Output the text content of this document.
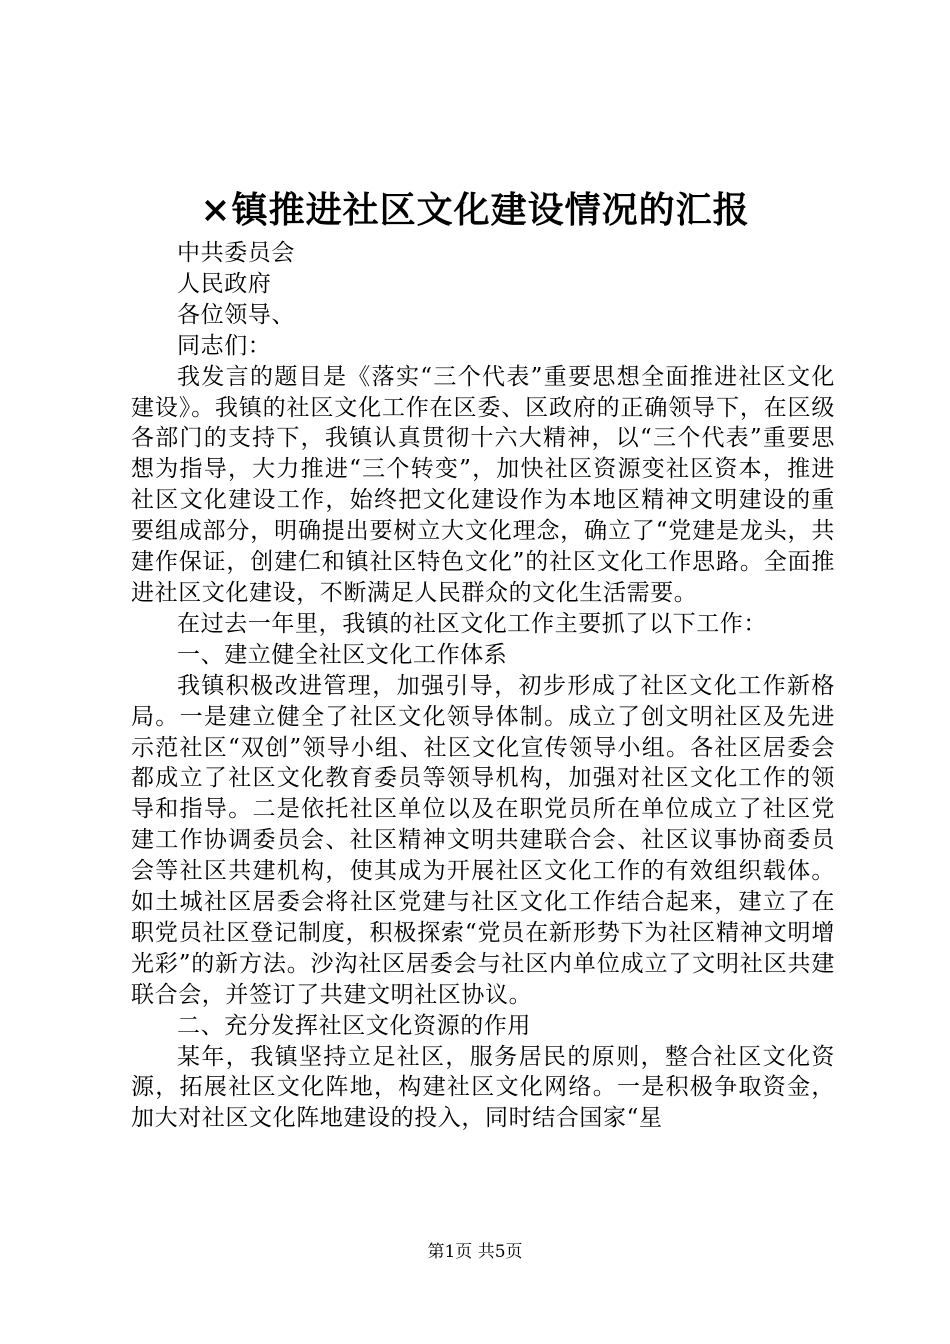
×镇推进社区文化建设情况的汇报

中共委员会

人民政府

各位领导、

同志们：

我发言的题目是《落实“三个代表”重要思想全面推进社区文化建设》。我镇的社区文化工作在区委、区政府的正确领导下，在区级各部门的支持下，我镇认真贯彻十六大精神，以“三个代表”重要思想为指导，大力推进“三个转变”，加快社区资源变社区资本，推进社区文化建设工作，始终把文化建设作为本地区精神文明建设的重要组成部分，明确提出要树立大文化理念，确立了“党建是龙头，共建作保证，创建仁和镇社区特色文化”的社区文化工作思路。全面推进社区文化建设，不断满足人民群众的文化生活需要。

在过去一年里，我镇的社区文化工作主要抓了以下工作：

一、建立健全社区文化工作体系

我镇积极改进管理，加强引导，初步形成了社区文化工作新格局。一是建立健全了社区文化领导体制。成立了创文明社区及先进示范社区“双创”领导小组、社区文化宣传领导小组。各社区居委会都成立了社区文化教育委员等领导机构，加强对社区文化工作的领导和指导。二是依托社区单位以及在职党员所在单位成立了社区党建工作协调委员会、社区精神文明共建联合会、社区议事协商委员会等社区共建机构，使其成为开展社区文化工作的有效组织载体。如土城社区居委会将社区党建与社区文化工作结合起来，建立了在职党员社区登记制度，积极探索“党员在新形势下为社区精神文明增光彩”的新方法。沙沟社区居委会与社区内单位成立了文明社区共建联合会，并签订了共建文明社区协议。

二、充分发挥社区文化资源的作用

某年，我镇坚持立足社区，服务居民的原则，整合社区文化资源，拓展社区文化阵地，构建社区文化网络。一是积极争取资金，加大对社区文化阵地建设的投入，同时结合国家“星

第1页 共5页
